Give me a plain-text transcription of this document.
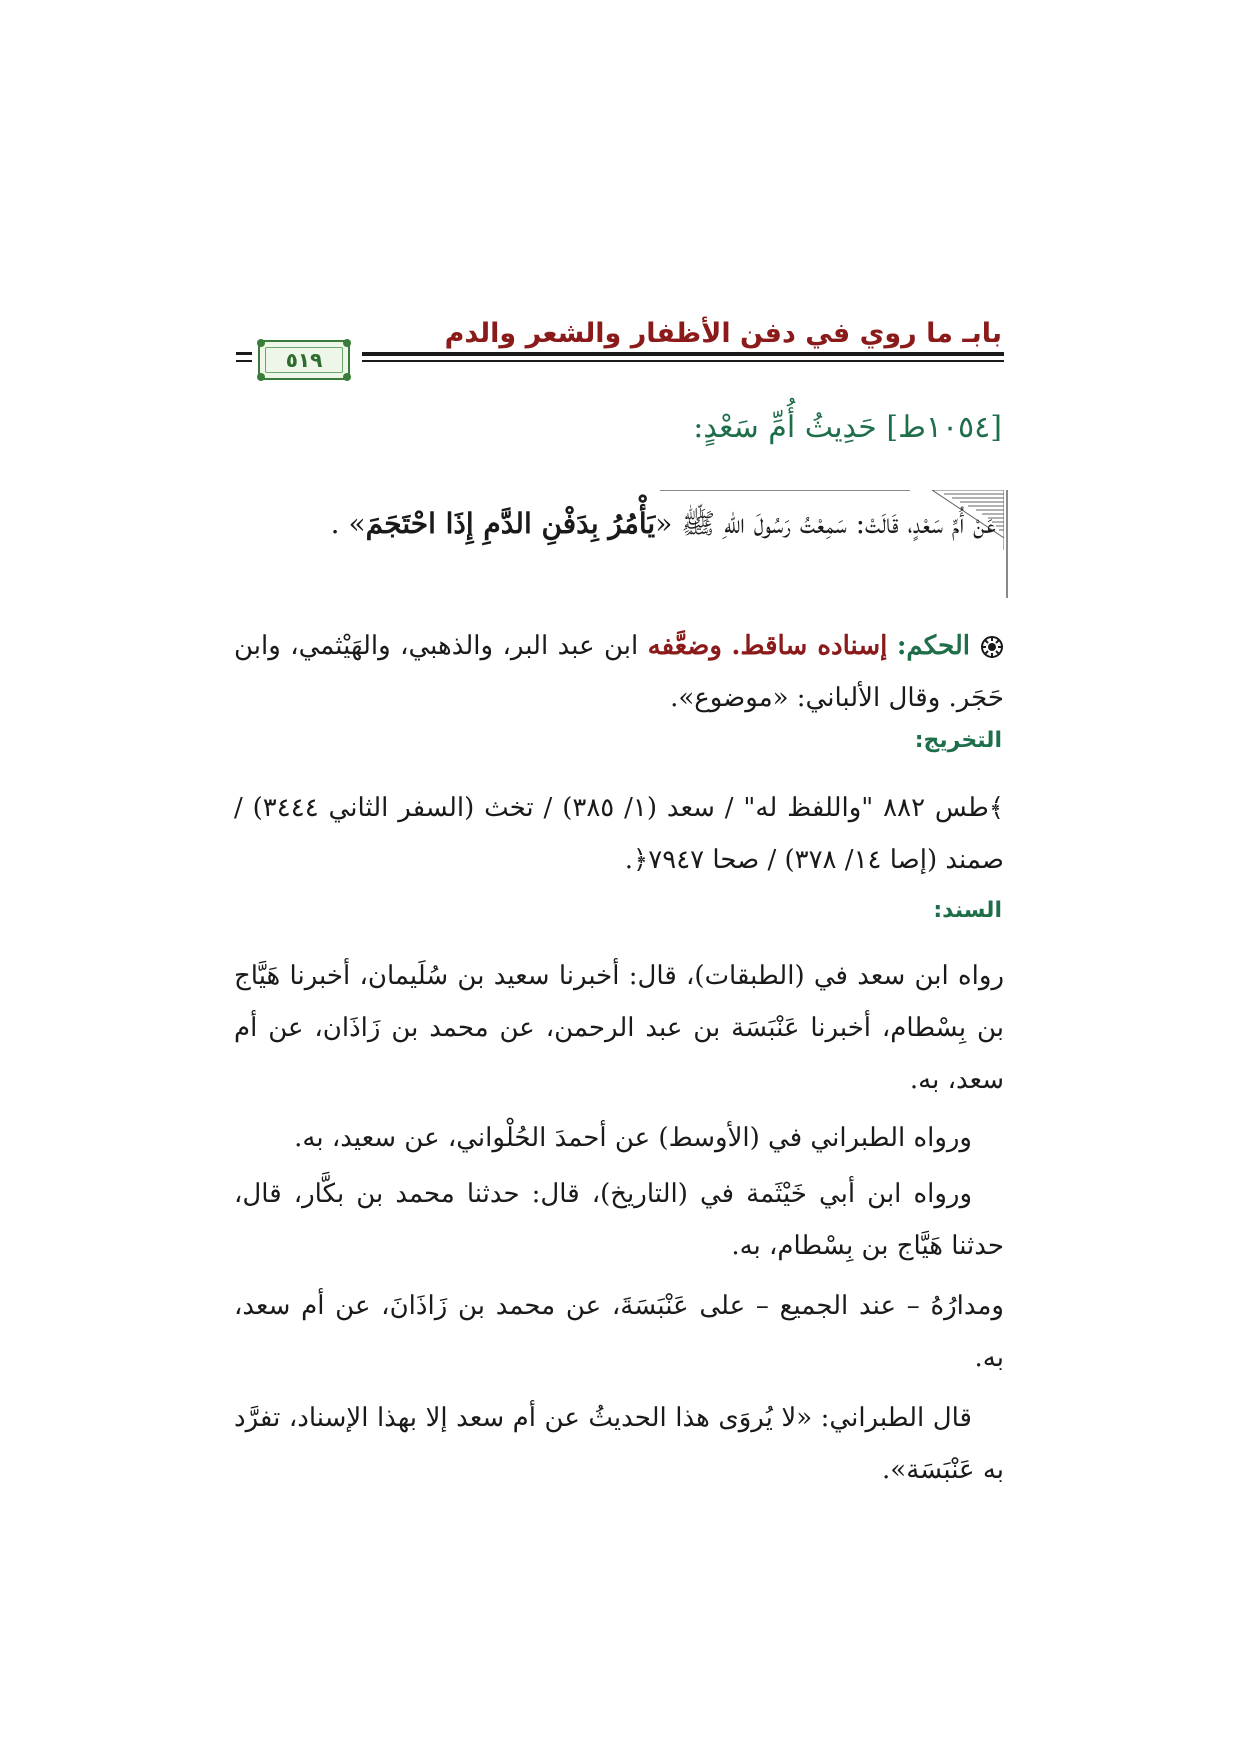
بابـ ما روي في دفن الأظفار والشعر والدم
٥١٩
[١٠٥٤ط] حَدِيثُ أُمِّ سَعْدٍ:
عَنْ أُمِّ سَعْدٍ، قَالَتْ: سَمِعْتُ رَسُولَ اللهِ ﷺ «يَأْمُرُ بِدَفْنِ الدَّمِ إِذَا احْتَجَمَ» .
الحكم: إسناده ساقط. وضعَّفه ابن عبد البر، والذهبي، والهَيْثمي، وابن حَجَر. وقال الألباني: «موضوع».
التخريج:
﴾طس ٨٨٢ "واللفظ له" / سعد (١/ ٣٨٥) / تخث (السفر الثاني ٣٤٤٤) / صمند (إصا ١٤/ ٣٧٨) / صحا ٧٩٤٧﴿.
السند:
رواه ابن سعد في (الطبقات)، قال: أخبرنا سعيد بن سُلَيمان، أخبرنا هَيَّاج بن بِسْطام، أخبرنا عَنْبَسَة بن عبد الرحمن، عن محمد بن زَاذَان، عن أم سعد، به.
ورواه الطبراني في (الأوسط) عن أحمدَ الحُلْواني، عن سعيد، به.
ورواه ابن أبي خَيْثَمة في (التاريخ)، قال: حدثنا محمد بن بكَّار، قال، حدثنا هَيَّاج بن بِسْطام، به.
ومدارُهُ – عند الجميع – على عَنْبَسَةَ، عن محمد بن زَاذَانَ، عن أم سعد، به.
قال الطبراني: «لا يُروَى هذا الحديثُ عن أم سعد إلا بهذا الإسناد، تفرَّد به عَنْبَسَة».
